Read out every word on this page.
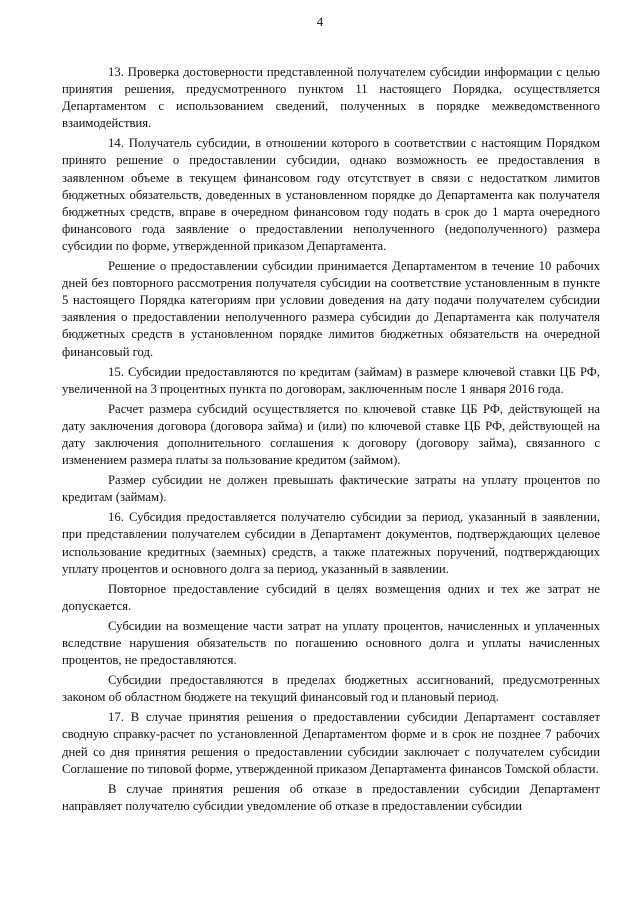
4

13. Проверка достоверности представленной получателем субсидии информации с целью принятия решения, предусмотренного пунктом 11 настоящего Порядка, осуществляется Департаментом с использованием сведений, полученных в порядке межведомственного взаимодействия.

14. Получатель субсидии, в отношении которого в соответствии с настоящим Порядком принято решение о предоставлении субсидии, однако возможность ее предоставления в заявленном объеме в текущем финансовом году отсутствует в связи с недостатком лимитов бюджетных обязательств, доведенных в установленном порядке до Департамента как получателя бюджетных средств, вправе в очередном финансовом году подать в срок до 1 марта очередного финансового года заявление о предоставлении неполученного (недополученного) размера субсидии по форме, утвержденной приказом Департамента.

Решение о предоставлении субсидии принимается Департаментом в течение 10 рабочих дней без повторного рассмотрения получателя субсидии на соответствие установленным в пункте 5 настоящего Порядка категориям при условии доведения на дату подачи получателем субсидии заявления о предоставлении неполученного размера субсидии до Департамента как получателя бюджетных средств в установленном порядке лимитов бюджетных обязательств на очередной финансовый год.

15. Субсидии предоставляются по кредитам (займам) в размере ключевой ставки ЦБ РФ, увеличенной на 3 процентных пункта по договорам, заключенным после 1 января 2016 года.

Расчет размера субсидий осуществляется по ключевой ставке ЦБ РФ, действующей на дату заключения договора (договора займа) и (или) по ключевой ставке ЦБ РФ, действующей на дату заключения дополнительного соглашения к договору (договору займа), связанного с изменением размера платы за пользование кредитом (займом).

Размер субсидии не должен превышать фактические затраты на уплату процентов по кредитам (займам).

16. Субсидия предоставляется получателю субсидии за период, указанный в заявлении, при представлении получателем субсидии в Департамент документов, подтверждающих целевое использование кредитных (заемных) средств, а также платежных поручений, подтверждающих уплату процентов и основного долга за период, указанный в заявлении.

Повторное предоставление субсидий в целях возмещения одних и тех же затрат не допускается.

Субсидии на возмещение части затрат на уплату процентов, начисленных и уплаченных вследствие нарушения обязательств по погашению основного долга и уплаты начисленных процентов, не предоставляются.

Субсидии предоставляются в пределах бюджетных ассигнований, предусмотренных законом об областном бюджете на текущий финансовый год и плановый период.

17. В случае принятия решения о предоставлении субсидии Департамент составляет сводную справку-расчет по установленной Департаментом форме и в срок не позднее 7 рабочих дней со дня принятия решения о предоставлении субсидии заключает с получателем субсидии Соглашение по типовой форме, утвержденной приказом Департамента финансов Томской области.

В случае принятия решения об отказе в предоставлении субсидии Департамент направляет получателю субсидии уведомление об отказе в предоставлении субсидии
